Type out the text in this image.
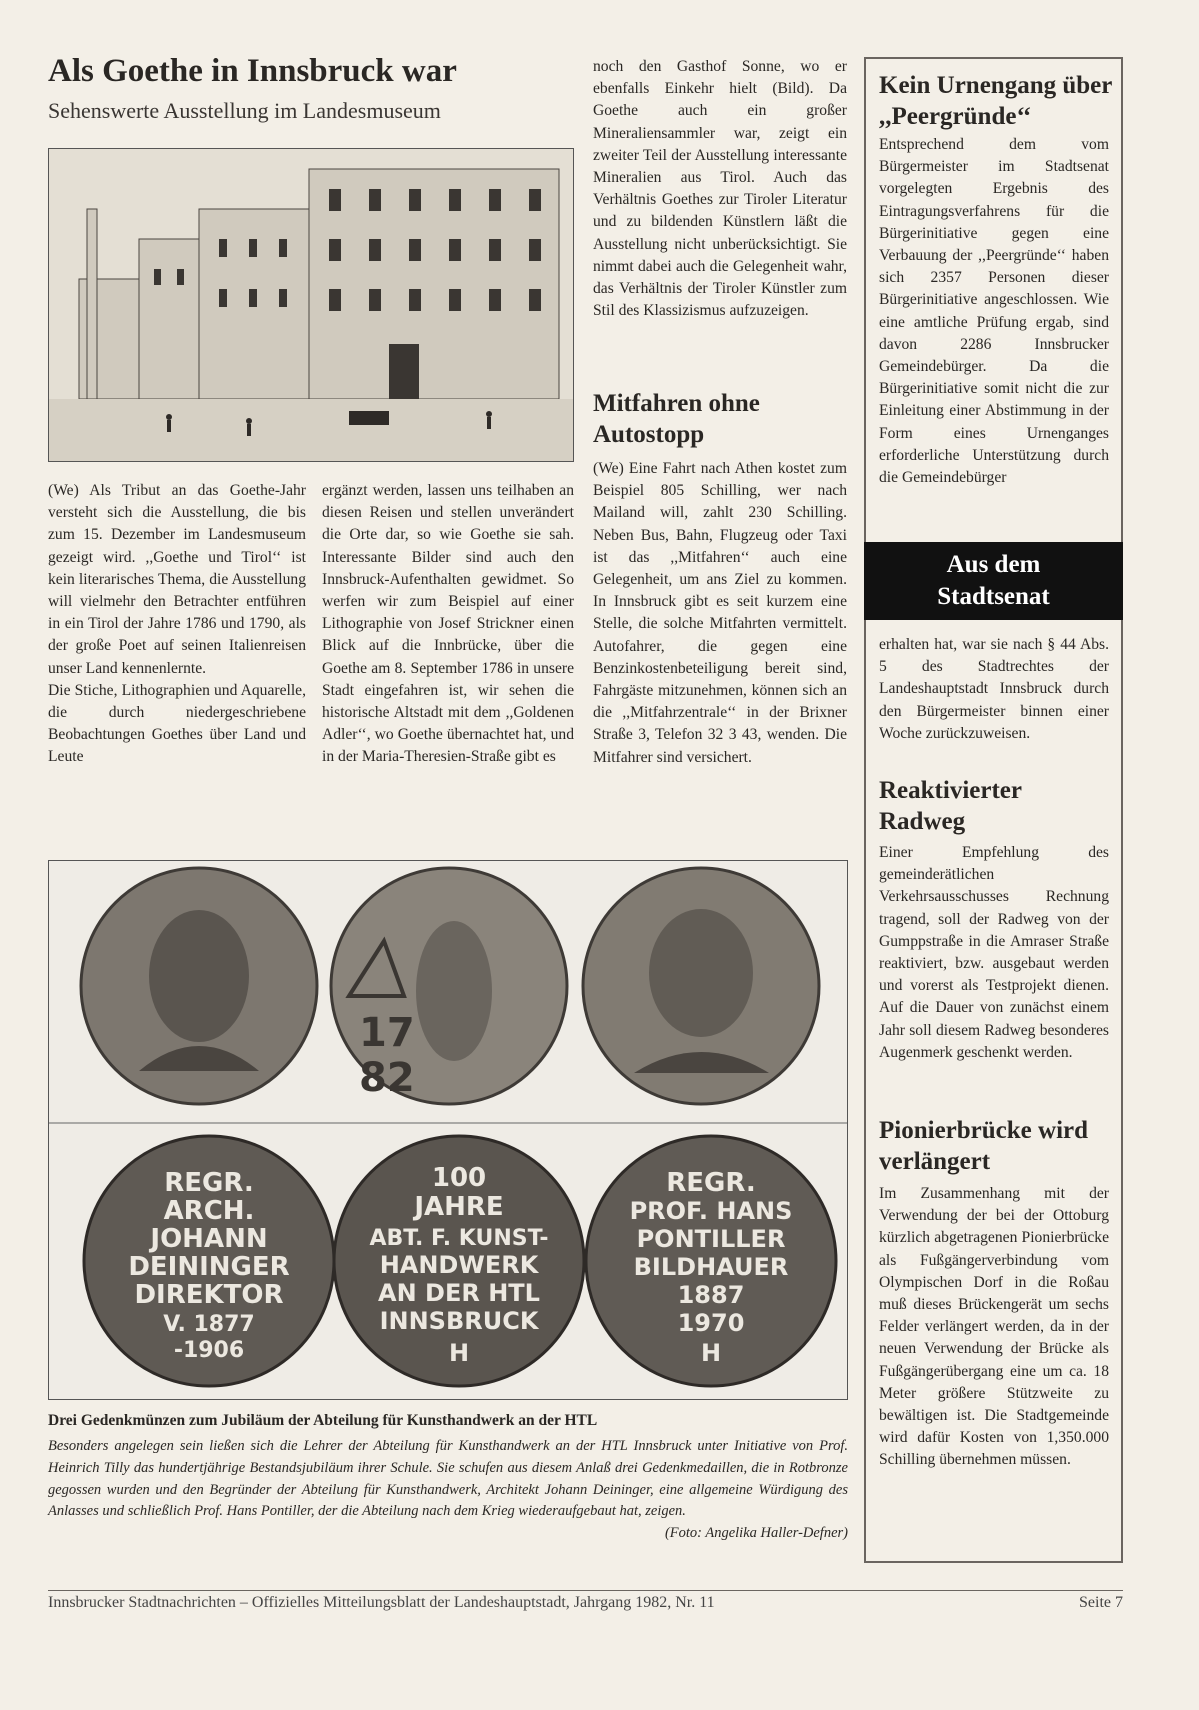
Als Goethe in Innsbruck war
Sehenswerte Ausstellung im Landesmuseum

(We) Als Tribut an das Goethe-Jahr versteht sich die Ausstellung, die bis zum 15. Dezember im Landesmuseum gezeigt wird. ,,Goethe und Tirol‘‘ ist kein literarisches Thema, die Ausstellung will vielmehr den Betrachter entführen in ein Tirol der Jahre 1786 und 1790, als der große Poet auf seinen Italienreisen unser Land kennenlernte.

Die Stiche, Lithographien und Aquarelle, die durch niedergeschriebene Beobachtungen Goethes über Land und Leute

ergänzt werden, lassen uns teilhaben an diesen Reisen und stellen unverändert die Orte dar, so wie Goethe sie sah. Interessante Bilder sind auch den Innsbruck-Aufenthalten gewidmet. So werfen wir zum Beispiel auf einer Lithographie von Josef Strickner einen Blick auf die Innbrücke, über die Goethe am 8. September 1786 in unsere Stadt eingefahren ist, wir sehen die historische Altstadt mit dem ,,Goldenen Adler‘‘, wo Goethe übernachtet hat, und in der Maria-Theresien-Straße gibt es
noch den Gasthof Sonne, wo er ebenfalls Einkehr hielt (Bild). Da Goethe auch ein großer Mineraliensammler war, zeigt ein zweiter Teil der Ausstellung interessante Mineralien aus Tirol. Auch das Verhältnis Goethes zur Tiroler Literatur und zu bildenden Künstlern läßt die Ausstellung nicht unberücksichtigt. Sie nimmt dabei auch die Gelegenheit wahr, das Verhältnis der Tiroler Künstler zum Stil des Klassizismus aufzuzeigen.
Mitfahren ohne Autostopp
(We) Eine Fahrt nach Athen kostet zum Beispiel 805 Schilling, wer nach Mailand will, zahlt 230 Schilling. Neben Bus, Bahn, Flugzeug oder Taxi ist das ,,Mitfahren‘‘ auch eine Gelegenheit, um ans Ziel zu kommen. In Innsbruck gibt es seit kurzem eine Stelle, die solche Mitfahrten vermittelt. Autofahrer, die gegen eine Benzinkostenbeteiligung bereit sind, Fahrgäste mitzunehmen, können sich an die ,,Mitfahrzentrale‘‘ in der Brixner Straße 3, Telefon 32 3 43, wenden. Die Mitfahrer sind versichert.
Kein Urnengang über ,,Peergründe‘‘
Entsprechend dem vom Bürgermeister im Stadtsenat vorgelegten Ergebnis des Eintragungsverfahrens für die Bürgerinitiative gegen eine Verbauung der ,,Peergründe‘‘ haben sich 2357 Personen dieser Bürgerinitiative angeschlossen. Wie eine amtliche Prüfung ergab, sind davon 2286 Innsbrucker Gemeindebürger. Da die Bürgerinitiative somit nicht die zur Einleitung einer Abstimmung in der Form eines Urnenganges erforderliche Unterstützung durch die Gemeindebürger
Aus dem Stadtsenat
erhalten hat, war sie nach § 44 Abs. 5 des Stadtrechtes der Landeshauptstadt Innsbruck durch den Bürgermeister binnen einer Woche zurückzuweisen.
Reaktivierter Radweg
Einer Empfehlung des gemeinderätlichen Verkehrsausschusses Rechnung tragend, soll der Radweg von der Gumppstraße in die Amraser Straße reaktiviert, bzw. ausgebaut werden und vorerst als Testprojekt dienen. Auf die Dauer von zunächst einem Jahr soll diesem Radweg besonderes Augenmerk geschenkt werden.
Pionierbrücke wird verlängert
Im Zusammenhang mit der Verwendung der bei der Ottoburg kürzlich abgetragenen Pionierbrücke als Fußgängerverbindung vom Olympischen Dorf in die Roßau muß dieses Brückengerät um sechs Felder verlängert werden, da in der neuen Verwendung der Brücke als Fußgängerübergang eine um ca. 18 Meter größere Stützweite zu bewältigen ist. Die Stadtgemeinde wird dafür Kosten von 1,350.000 Schilling übernehmen müssen.
17
82
REGR.
ARCH.
JOHANN
DEININGER
DIREKTOR
V. 1877
-1906
100
JAHRE
ABT. F. KUNST-
HANDWERK
AN DER HTL
INNSBRUCK
H
REGR.
PROF. HANS
PONTILLER
BILDHAUER
1887
1970
H
Drei Gedenkmünzen zum Jubiläum der Abteilung für Kunsthandwerk an der HTL
Besonders angelegen sein ließen sich die Lehrer der Abteilung für Kunsthandwerk an der HTL Innsbruck unter Initiative von Prof. Heinrich Tilly das hundertjährige Bestandsjubiläum ihrer Schule. Sie schufen aus diesem Anlaß drei Gedenkmedaillen, die in Rotbronze gegossen wurden und den Begründer der Abteilung für Kunsthandwerk, Architekt Johann Deininger, eine allgemeine Würdigung des Anlasses und schließlich Prof. Hans Pontiller, der die Abteilung nach dem Krieg wiederaufgebaut hat, zeigen.
(Foto: Angelika Haller-Defner)
Innsbrucker Stadtnachrichten – Offizielles Mitteilungsblatt der Landeshauptstadt, Jahrgang 1982, Nr. 11	Seite 7
